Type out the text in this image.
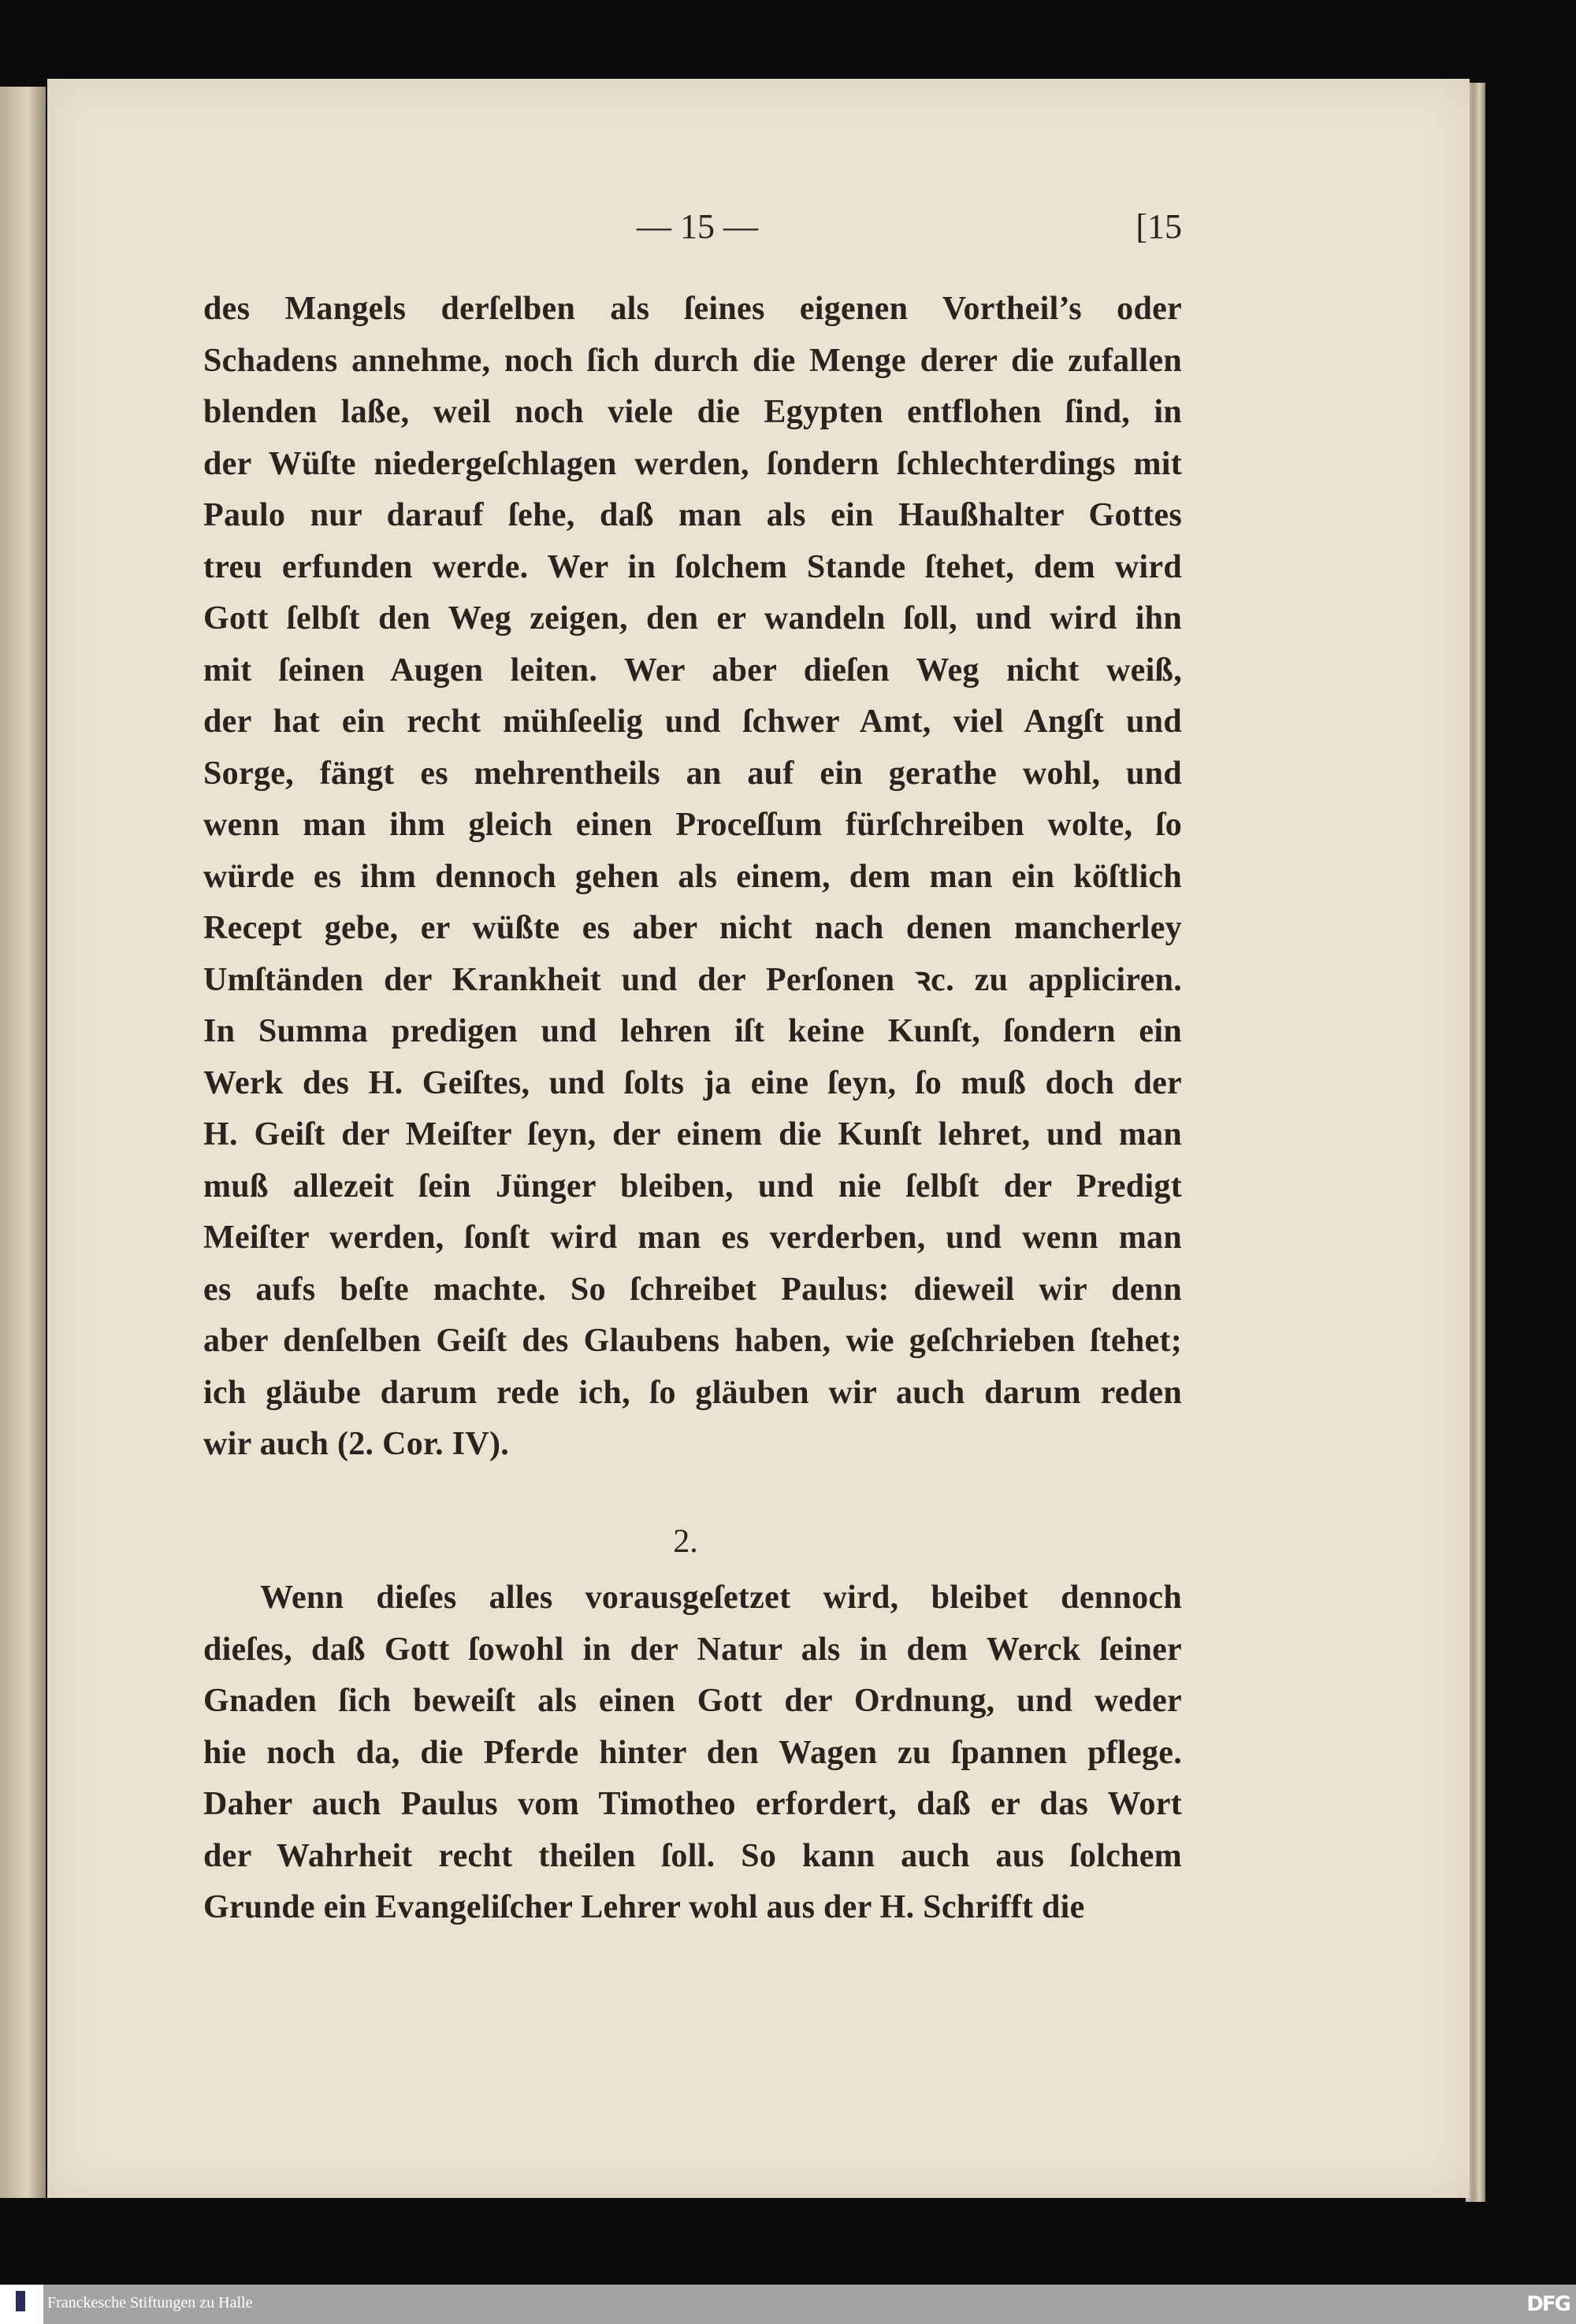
— 15 —	[15
des Mangels derſelben als ſeines eigenen Vortheil’s oder
Schadens annehme, noch ſich durch die Menge derer die zufallen
blenden laße, weil noch viele die Egypten entflohen ſind, in
der Wüſte niedergeſchlagen werden, ſondern ſchlechterdings mit
Paulo nur darauf ſehe, daß man als ein Haußhalter Gottes
treu erfunden werde. Wer in ſolchem Stande ſtehet, dem wird
Gott ſelbſt den Weg zeigen, den er wandeln ſoll, und wird ihn
mit ſeinen Augen leiten. Wer aber dieſen Weg nicht weiß,
der hat ein recht mühſeelig und ſchwer Amt, viel Angſt und
Sorge, fängt es mehrentheils an auf ein gerathe wohl, und
wenn man ihm gleich einen Proceſſum fürſchreiben wolte, ſo
würde es ihm dennoch gehen als einem, dem man ein köſtlich
Recept gebe, er wüßte es aber nicht nach denen mancherley
Umſtänden der Krankheit und der Perſonen ꝛc. zu appliciren.
In Summa predigen und lehren iſt keine Kunſt, ſondern ein
Werk des H. Geiſtes, und ſolts ja eine ſeyn, ſo muß doch der
H. Geiſt der Meiſter ſeyn, der einem die Kunſt lehret, und man
muß allezeit ſein Jünger bleiben, und nie ſelbſt der Predigt
Meiſter werden, ſonſt wird man es verderben, und wenn man
es aufs beſte machte. So ſchreibet Paulus: dieweil wir denn
aber denſelben Geiſt des Glaubens haben, wie geſchrieben ſtehet;
ich gläube darum rede ich, ſo gläuben wir auch darum reden
wir auch (2. Cor. IV).
2.
Wenn dieſes alles vorausgeſetzet wird, bleibet dennoch
dieſes, daß Gott ſowohl in der Natur als in dem Werck ſeiner
Gnaden ſich beweiſt als einen Gott der Ordnung, und weder
hie noch da, die Pferde hinter den Wagen zu ſpannen pflege.
Daher auch Paulus vom Timotheo erfordert, daß er das Wort
der Wahrheit recht theilen ſoll. So kann auch aus ſolchem
Grunde ein Evangeliſcher Lehrer wohl aus der H. Schrifft die
Franckesche Stiftungen zu Halle	DFG
